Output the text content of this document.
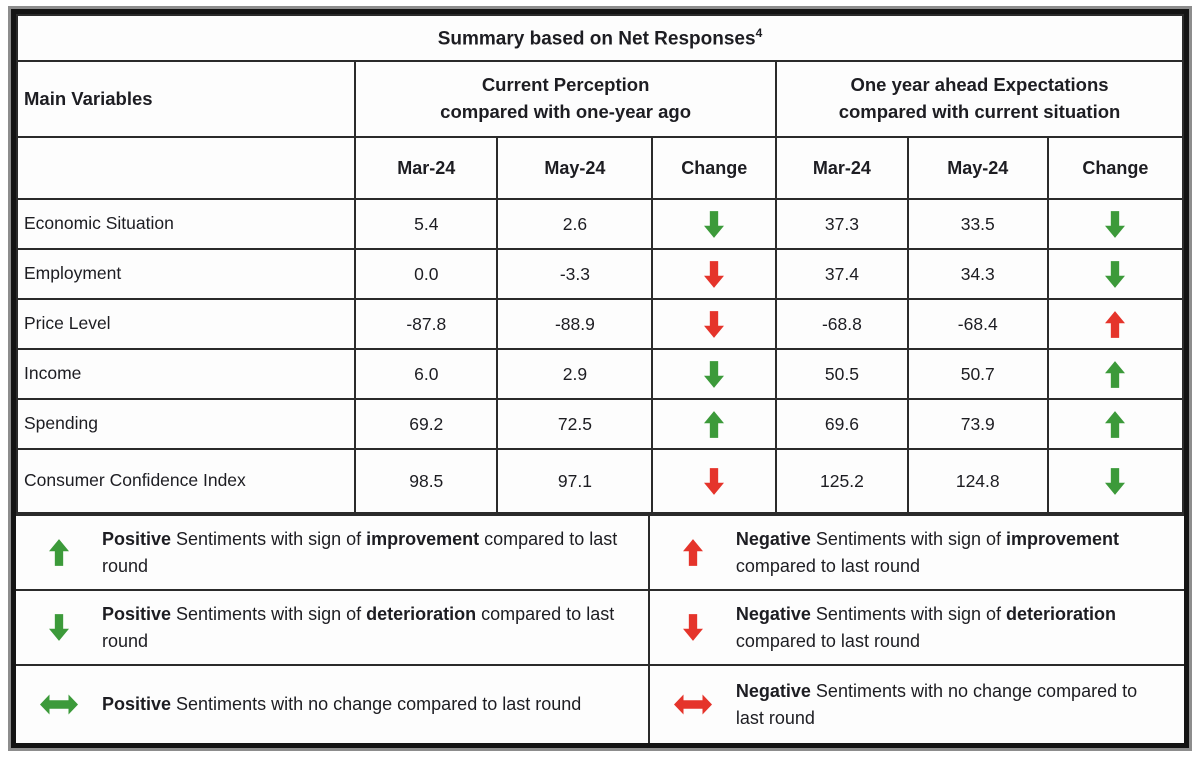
Summary based on Net Responses$^4$
Main Variables	
Current Perception
compared with one-year ago

One year ahead Expectations
compared with current situation

	Mar-24	May-24	Change	Mar-24	May-24	Change
Economic Situation	5.4	2.6		37.3	33.5	

Employment	0.0	-3.3		37.4	34.3	

Price Level	-87.8	-88.9		-68.8	-68.4	

Income	6.0	2.9		50.5	50.7	

Spending	69.2	72.5		69.6	73.9	

Consumer Confidence Index	98.5	97.1		125.2	124.8	
Positive Sentiments with sign of improvement compared to last round
Negative Sentiments with sign of improvement compared to last round
Positive Sentiments with sign of deterioration compared to last round
Negative Sentiments with sign of deterioration compared to last round
Positive Sentiments with no change compared to last round
Negative Sentiments with no change compared to last round
